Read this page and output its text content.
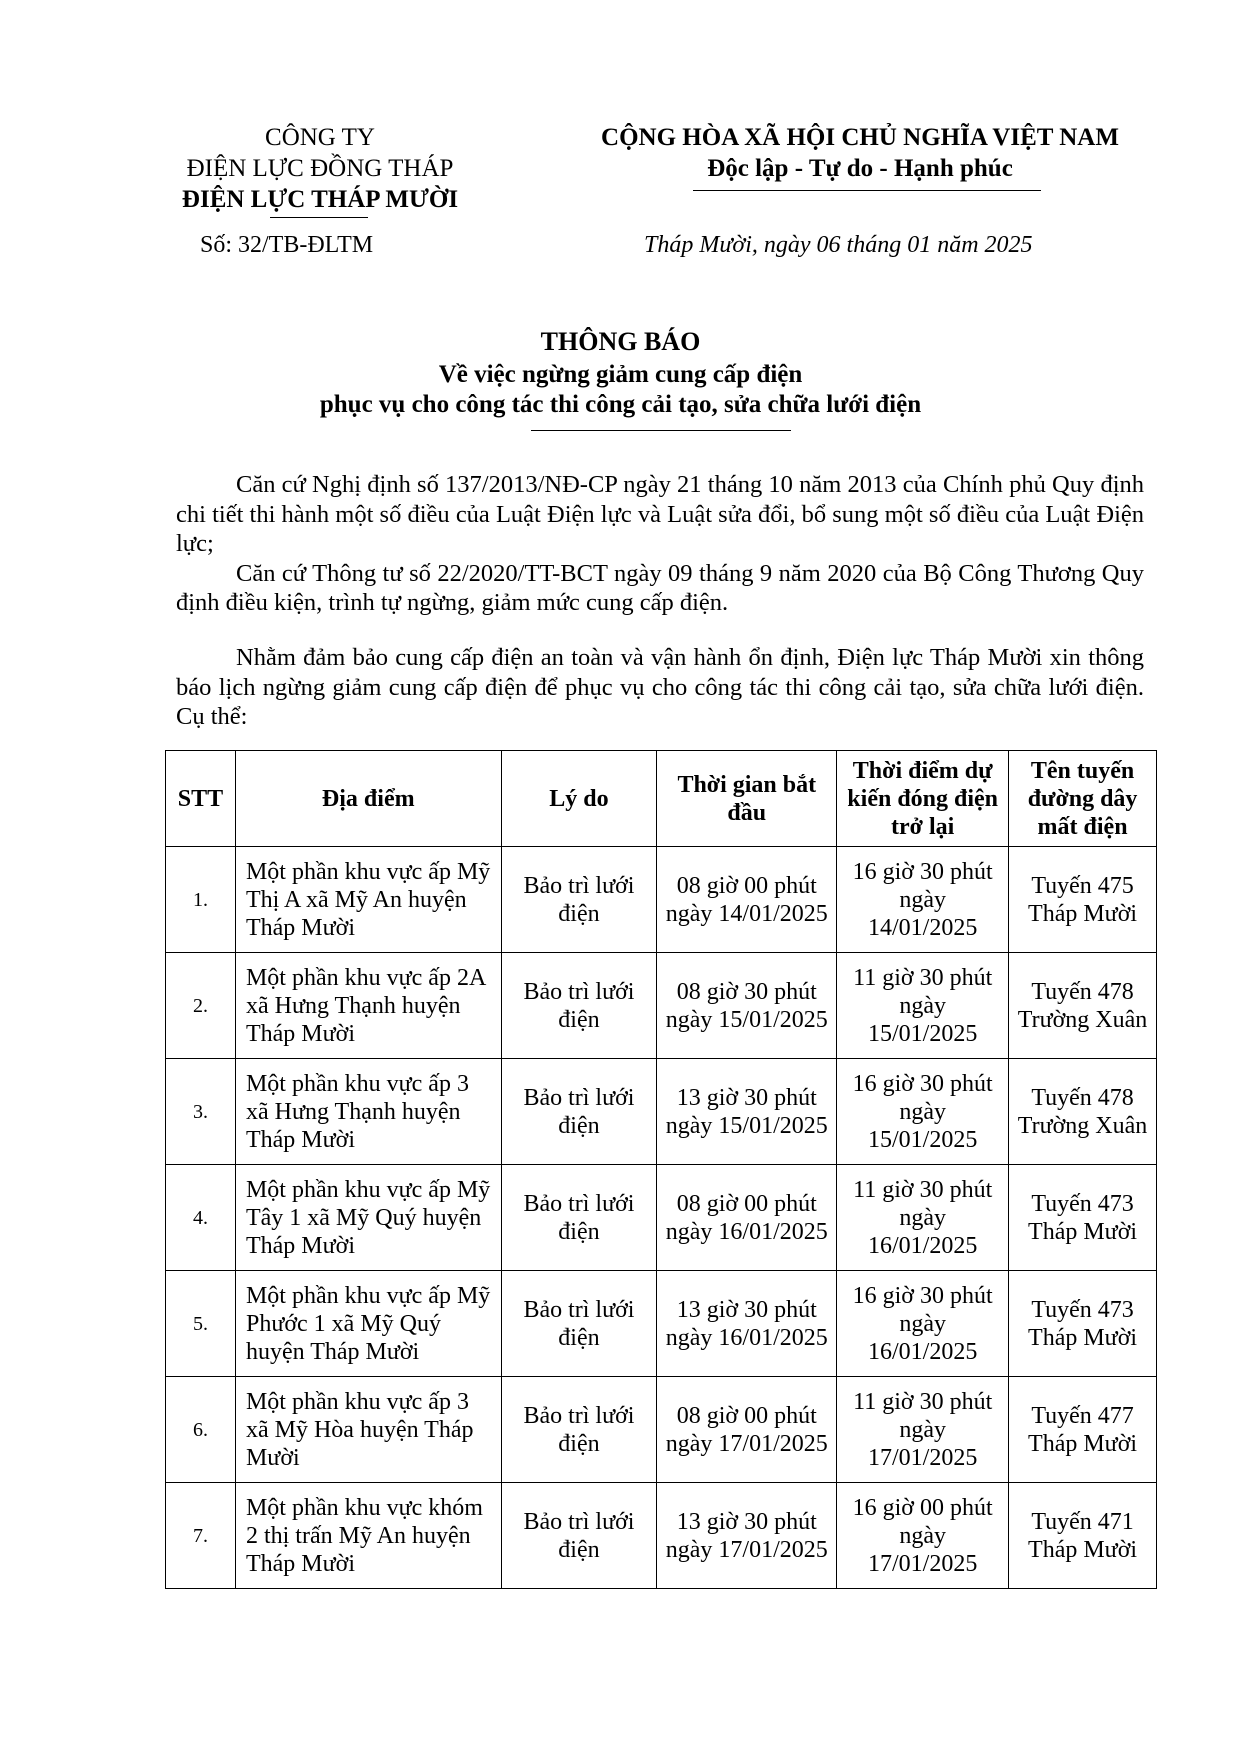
CÔNG TY
ĐIỆN LỰC ĐỒNG THÁP
ĐIỆN LỰC THÁP MƯỜI
Số: 32/TB-ĐLTM
CỘNG HÒA XÃ HỘI CHỦ NGHĨA VIỆT NAM
Độc lập - Tự do - Hạnh phúc
Tháp Mười, ngày 06 tháng 01 năm 2025
THÔNG BÁO
Về việc ngừng giảm cung cấp điện
phục vụ cho công tác thi công cải tạo, sửa chữa lưới điện

Căn cứ Nghị định số 137/2013/NĐ-CP ngày 21 tháng 10 năm 2013 của Chính phủ Quy định chi tiết thi hành một số điều của Luật Điện lực và Luật sửa đổi, bổ sung một số điều của Luật Điện lực;

Căn cứ Thông tư số 22/2020/TT-BCT ngày 09 tháng 9 năm 2020 của Bộ Công Thương Quy định điều kiện, trình tự ngừng, giảm mức cung cấp điện.

Nhằm đảm bảo cung cấp điện an toàn và vận hành ổn định, Điện lực Tháp Mười xin thông báo lịch ngừng giảm cung cấp điện để phục vụ cho công tác thi công cải tạo, sửa chữa lưới điện. Cụ thể:

STT	Địa điểm	Lý do	Thời gian bắt đầu	Thời điểm dự kiến đóng điện trở lại	Tên tuyến đường dây mất điện
1.	Một phần khu vực ấp Mỹ Thị A xã Mỹ An huyện Tháp Mười	Bảo trì lưới điện	08 giờ 00 phút ngày 14/01/2025	16 giờ 30 phút ngày 14/01/2025	Tuyến 475 Tháp Mười
2.	Một phần khu vực ấp 2A xã Hưng Thạnh huyện Tháp Mười	Bảo trì lưới điện	08 giờ 30 phút ngày 15/01/2025	11 giờ 30 phút ngày 15/01/2025	Tuyến 478 Trường Xuân
3.	Một phần khu vực ấp 3 xã Hưng Thạnh huyện Tháp Mười	Bảo trì lưới điện	13 giờ 30 phút ngày 15/01/2025	16 giờ 30 phút ngày 15/01/2025	Tuyến 478 Trường Xuân
4.	Một phần khu vực ấp Mỹ Tây 1 xã Mỹ Quý huyện Tháp Mười	Bảo trì lưới điện	08 giờ 00 phút ngày 16/01/2025	11 giờ 30 phút ngày 16/01/2025	Tuyến 473 Tháp Mười
5.	Một phần khu vực ấp Mỹ Phước 1 xã Mỹ Quý huyện Tháp Mười	Bảo trì lưới điện	13 giờ 30 phút ngày 16/01/2025	16 giờ 30 phút ngày 16/01/2025	Tuyến 473 Tháp Mười
6.	Một phần khu vực ấp 3 xã Mỹ Hòa huyện Tháp Mười	Bảo trì lưới điện	08 giờ 00 phút ngày 17/01/2025	11 giờ 30 phút ngày 17/01/2025	Tuyến 477 Tháp Mười
7.	Một phần khu vực khóm 2 thị trấn Mỹ An huyện Tháp Mười	Bảo trì lưới điện	13 giờ 30 phút ngày 17/01/2025	16 giờ 00 phút ngày 17/01/2025	Tuyến 471 Tháp Mười
